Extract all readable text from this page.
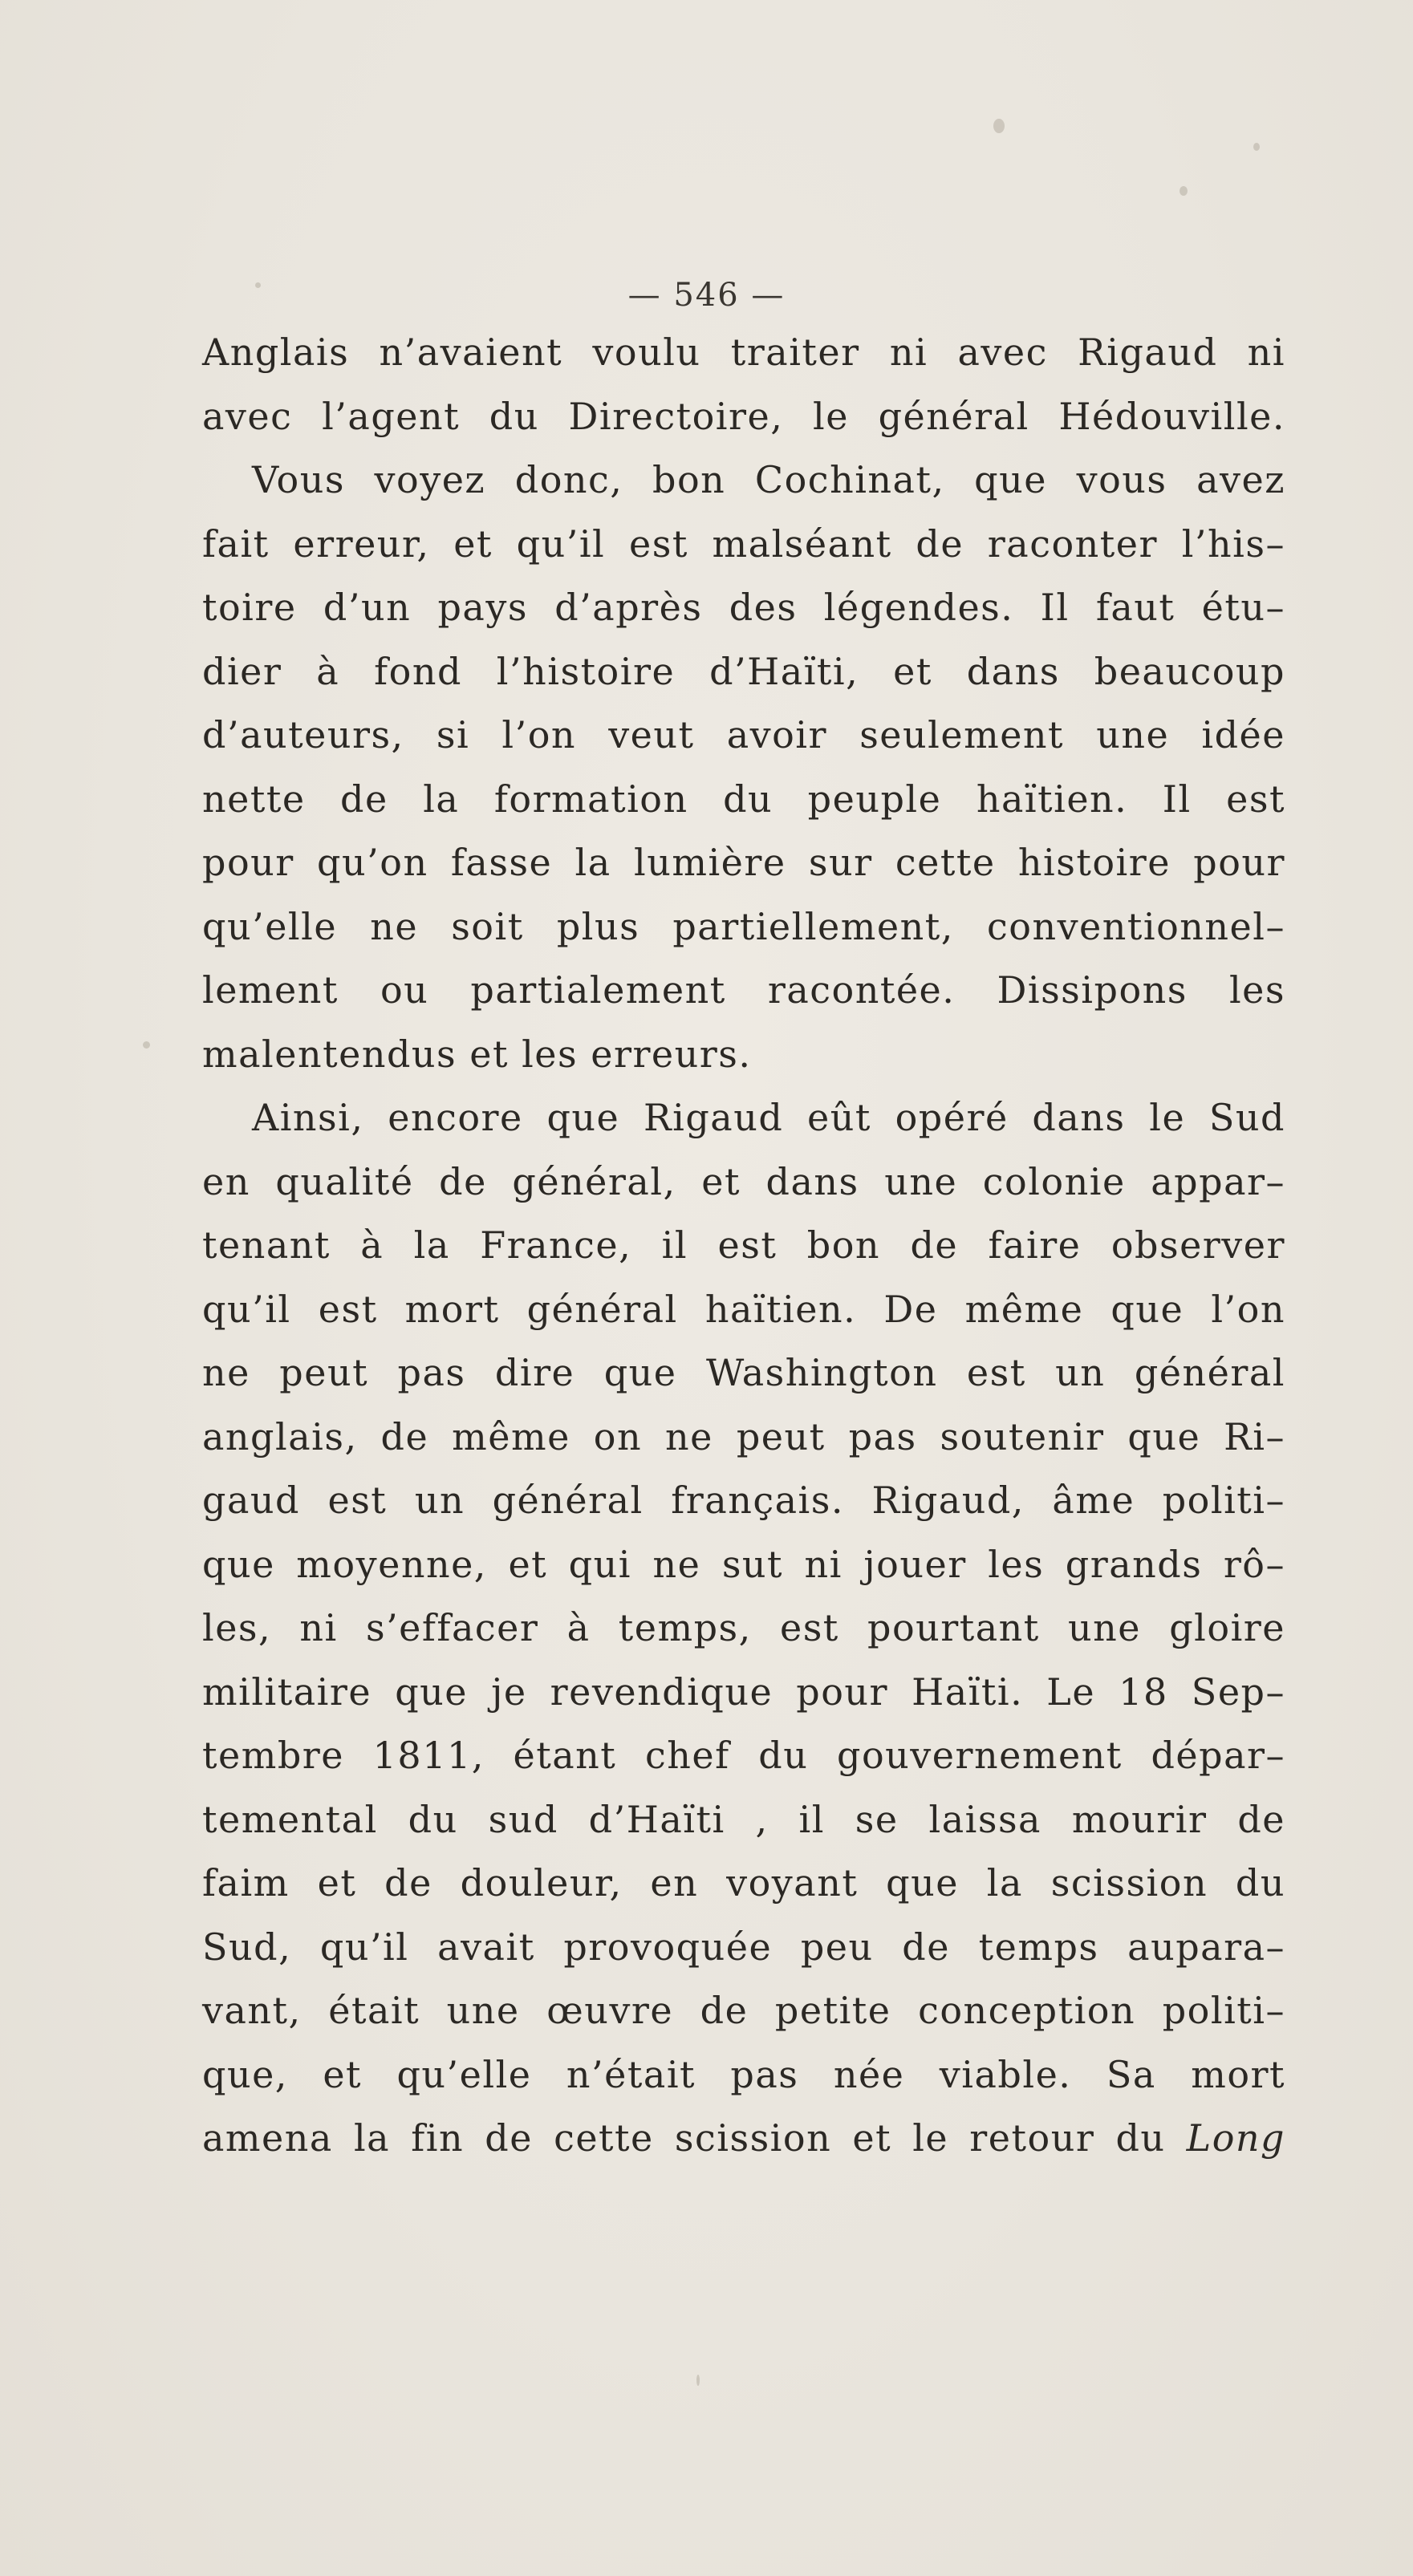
— 546 —
Anglais n’avaient voulu traiter ni avec Rigaud ni
avec l’agent du Directoire, le général Hédouville.
Vous voyez donc, bon Cochinat, que vous avez
fait erreur, et qu’il est malséant de raconter l’his–
toire d’un pays d’après des légendes. Il faut étu–
dier à fond l’histoire d’Haïti, et dans beaucoup
d’auteurs, si l’on veut avoir seulement une idée
nette de la formation du peuple haïtien. Il est
pour qu’on fasse la lumière sur cette histoire pour
qu’elle ne soit plus partiellement, conventionnel–
lement ou partialement racontée. Dissipons les
malentendus et les erreurs.
Ainsi, encore que Rigaud eût opéré dans le Sud
en qualité de général, et dans une colonie appar–
tenant à la France, il est bon de faire observer
qu’il est mort général haïtien. De même que l’on
ne peut pas dire que Washington est un général
anglais, de même on ne peut pas soutenir que Ri–
gaud est un général français. Rigaud, âme politi–
que moyenne, et qui ne sut ni jouer les grands rô–
les, ni s’effacer à temps, est pourtant une gloire
militaire que je revendique pour Haïti. Le 18 Sep–
tembre 1811, étant chef du gouvernement dépar–
temental du sud d’Haïti , il se laissa mourir de
faim et de douleur, en voyant que la scission du
Sud, qu’il avait provoquée peu de temps aupara–
vant, était une œuvre de petite conception politi–
que, et qu’elle n’était pas née viable. Sa mort
amena la fin de cette scission et le retour du Long
